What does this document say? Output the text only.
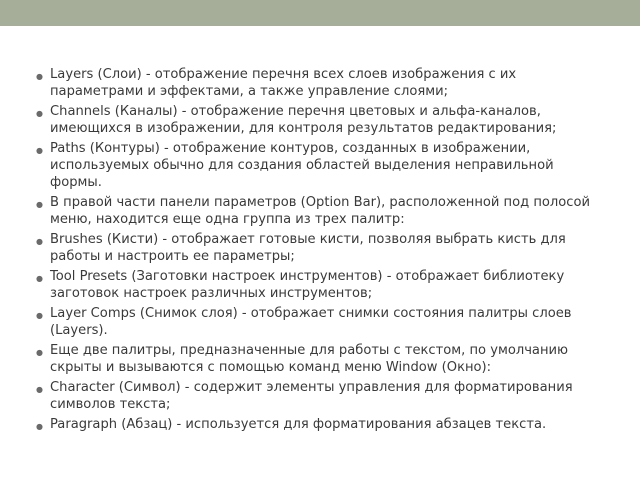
● Layers (Слои) - отображение перечня всех слоев изображения с их параметрами и эффектами, а также управление слоями;
● Channels (Каналы) - отображение перечня цветовых и альфа-каналов, имеющихся в изображении, для контроля результатов редактирования;
● Paths (Контуры) - отображение контуров, созданных в изображении, используемых обычно для создания областей выделения неправильной формы.
● В правой части панели параметров (Option Bar), расположенной под полосой меню, находится еще одна группа из трех палитр:
● Brushes (Кисти) - отображает готовые кисти, позволяя выбрать кисть для работы и настроить ее параметры;
● Tool Presets (Заготовки настроек инструментов) - отображает библиотеку заготовок настроек различных инструментов;
● Layer Comps (Снимок слоя) - отображает снимки состояния палитры слоев (Layers).
● Еще две палитры, предназначенные для работы с текстом, по умолчанию скрыты и вызываются с помощью команд меню Window (Окно):
● Character (Символ) - содержит элементы управления для форматирования символов текста;
● Paragraph (Абзац) - используется для форматирования абзацев текста.
